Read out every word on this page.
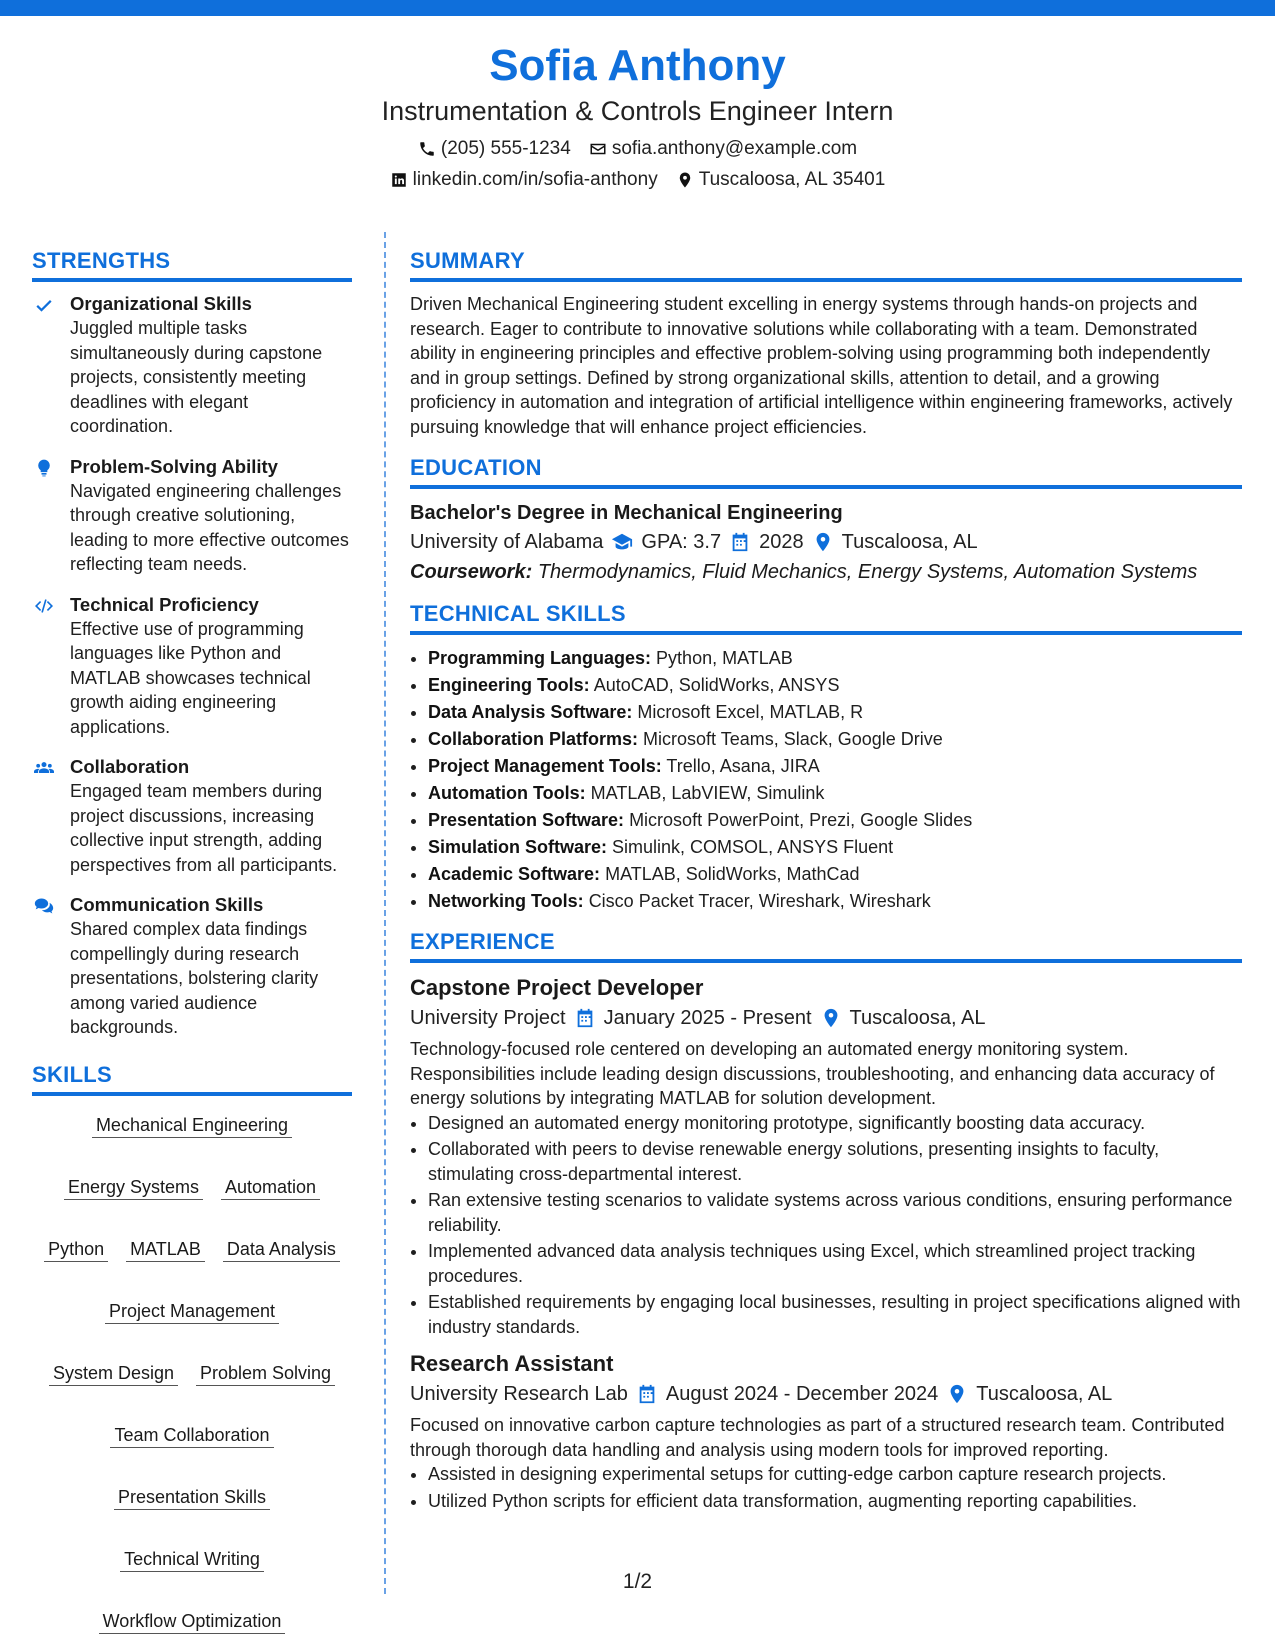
Sofia Anthony
Instrumentation & Controls Engineer Intern
(205) 555-1234 sofia.anthony@example.com
linkedin.com/in/sofia-anthony Tuscaloosa, AL 35401
STRENGTHS
Organizational Skills
Juggled multiple tasks simultaneously during capstone projects, consistently meeting deadlines with elegant coordination.
Problem-Solving Ability
Navigated engineering challenges through creative solutioning, leading to more effective outcomes reflecting team needs.
Technical Proficiency
Effective use of programming languages like Python and MATLAB showcases technical growth aiding engineering applications.
Collaboration
Engaged team members during project discussions, increasing collective input strength, adding perspectives from all participants.
Communication Skills
Shared complex data findings compellingly during research presentations, bolstering clarity among varied audience backgrounds.
SKILLS
Mechanical Engineering
Energy Systems Automation
Python MATLAB Data Analysis
Project Management
System Design Problem Solving
Team Collaboration
Presentation Skills
Technical Writing
Workflow Optimization
SUMMARY
Driven Mechanical Engineering student excelling in energy systems through hands-on projects and research. Eager to contribute to innovative solutions while collaborating with a team. Demonstrated ability in engineering principles and effective problem-solving using programming both independently and in group settings. Defined by strong organizational skills, attention to detail, and a growing proficiency in automation and integration of artificial intelligence within engineering frameworks, actively pursuing knowledge that will enhance project efficiencies.
EDUCATION
Bachelor's Degree in Mechanical Engineering
University of Alabama GPA: 3.7 2028 Tuscaloosa, AL
Coursework: Thermodynamics, Fluid Mechanics, Energy Systems, Automation Systems
TECHNICAL SKILLS
• Programming Languages: Python, MATLAB
• Engineering Tools: AutoCAD, SolidWorks, ANSYS
• Data Analysis Software: Microsoft Excel, MATLAB, R
• Collaboration Platforms: Microsoft Teams, Slack, Google Drive
• Project Management Tools: Trello, Asana, JIRA
• Automation Tools: MATLAB, LabVIEW, Simulink
• Presentation Software: Microsoft PowerPoint, Prezi, Google Slides
• Simulation Software: Simulink, COMSOL, ANSYS Fluent
• Academic Software: MATLAB, SolidWorks, MathCad
• Networking Tools: Cisco Packet Tracer, Wireshark, Wireshark
EXPERIENCE
Capstone Project Developer
University Project January 2025 - Present Tuscaloosa, AL
Technology-focused role centered on developing an automated energy monitoring system. Responsibilities include leading design discussions, troubleshooting, and enhancing data accuracy of energy solutions by integrating MATLAB for solution development.
• Designed an automated energy monitoring prototype, significantly boosting data accuracy.
• Collaborated with peers to devise renewable energy solutions, presenting insights to faculty, stimulating cross-departmental interest.
• Ran extensive testing scenarios to validate systems across various conditions, ensuring performance reliability.
• Implemented advanced data analysis techniques using Excel, which streamlined project tracking procedures.
• Established requirements by engaging local businesses, resulting in project specifications aligned with industry standards.
Research Assistant
University Research Lab August 2024 - December 2024 Tuscaloosa, AL
Focused on innovative carbon capture technologies as part of a structured research team. Contributed through thorough data handling and analysis using modern tools for improved reporting.
• Assisted in designing experimental setups for cutting-edge carbon capture research projects.
• Utilized Python scripts for efficient data transformation, augmenting reporting capabilities.
1/2
